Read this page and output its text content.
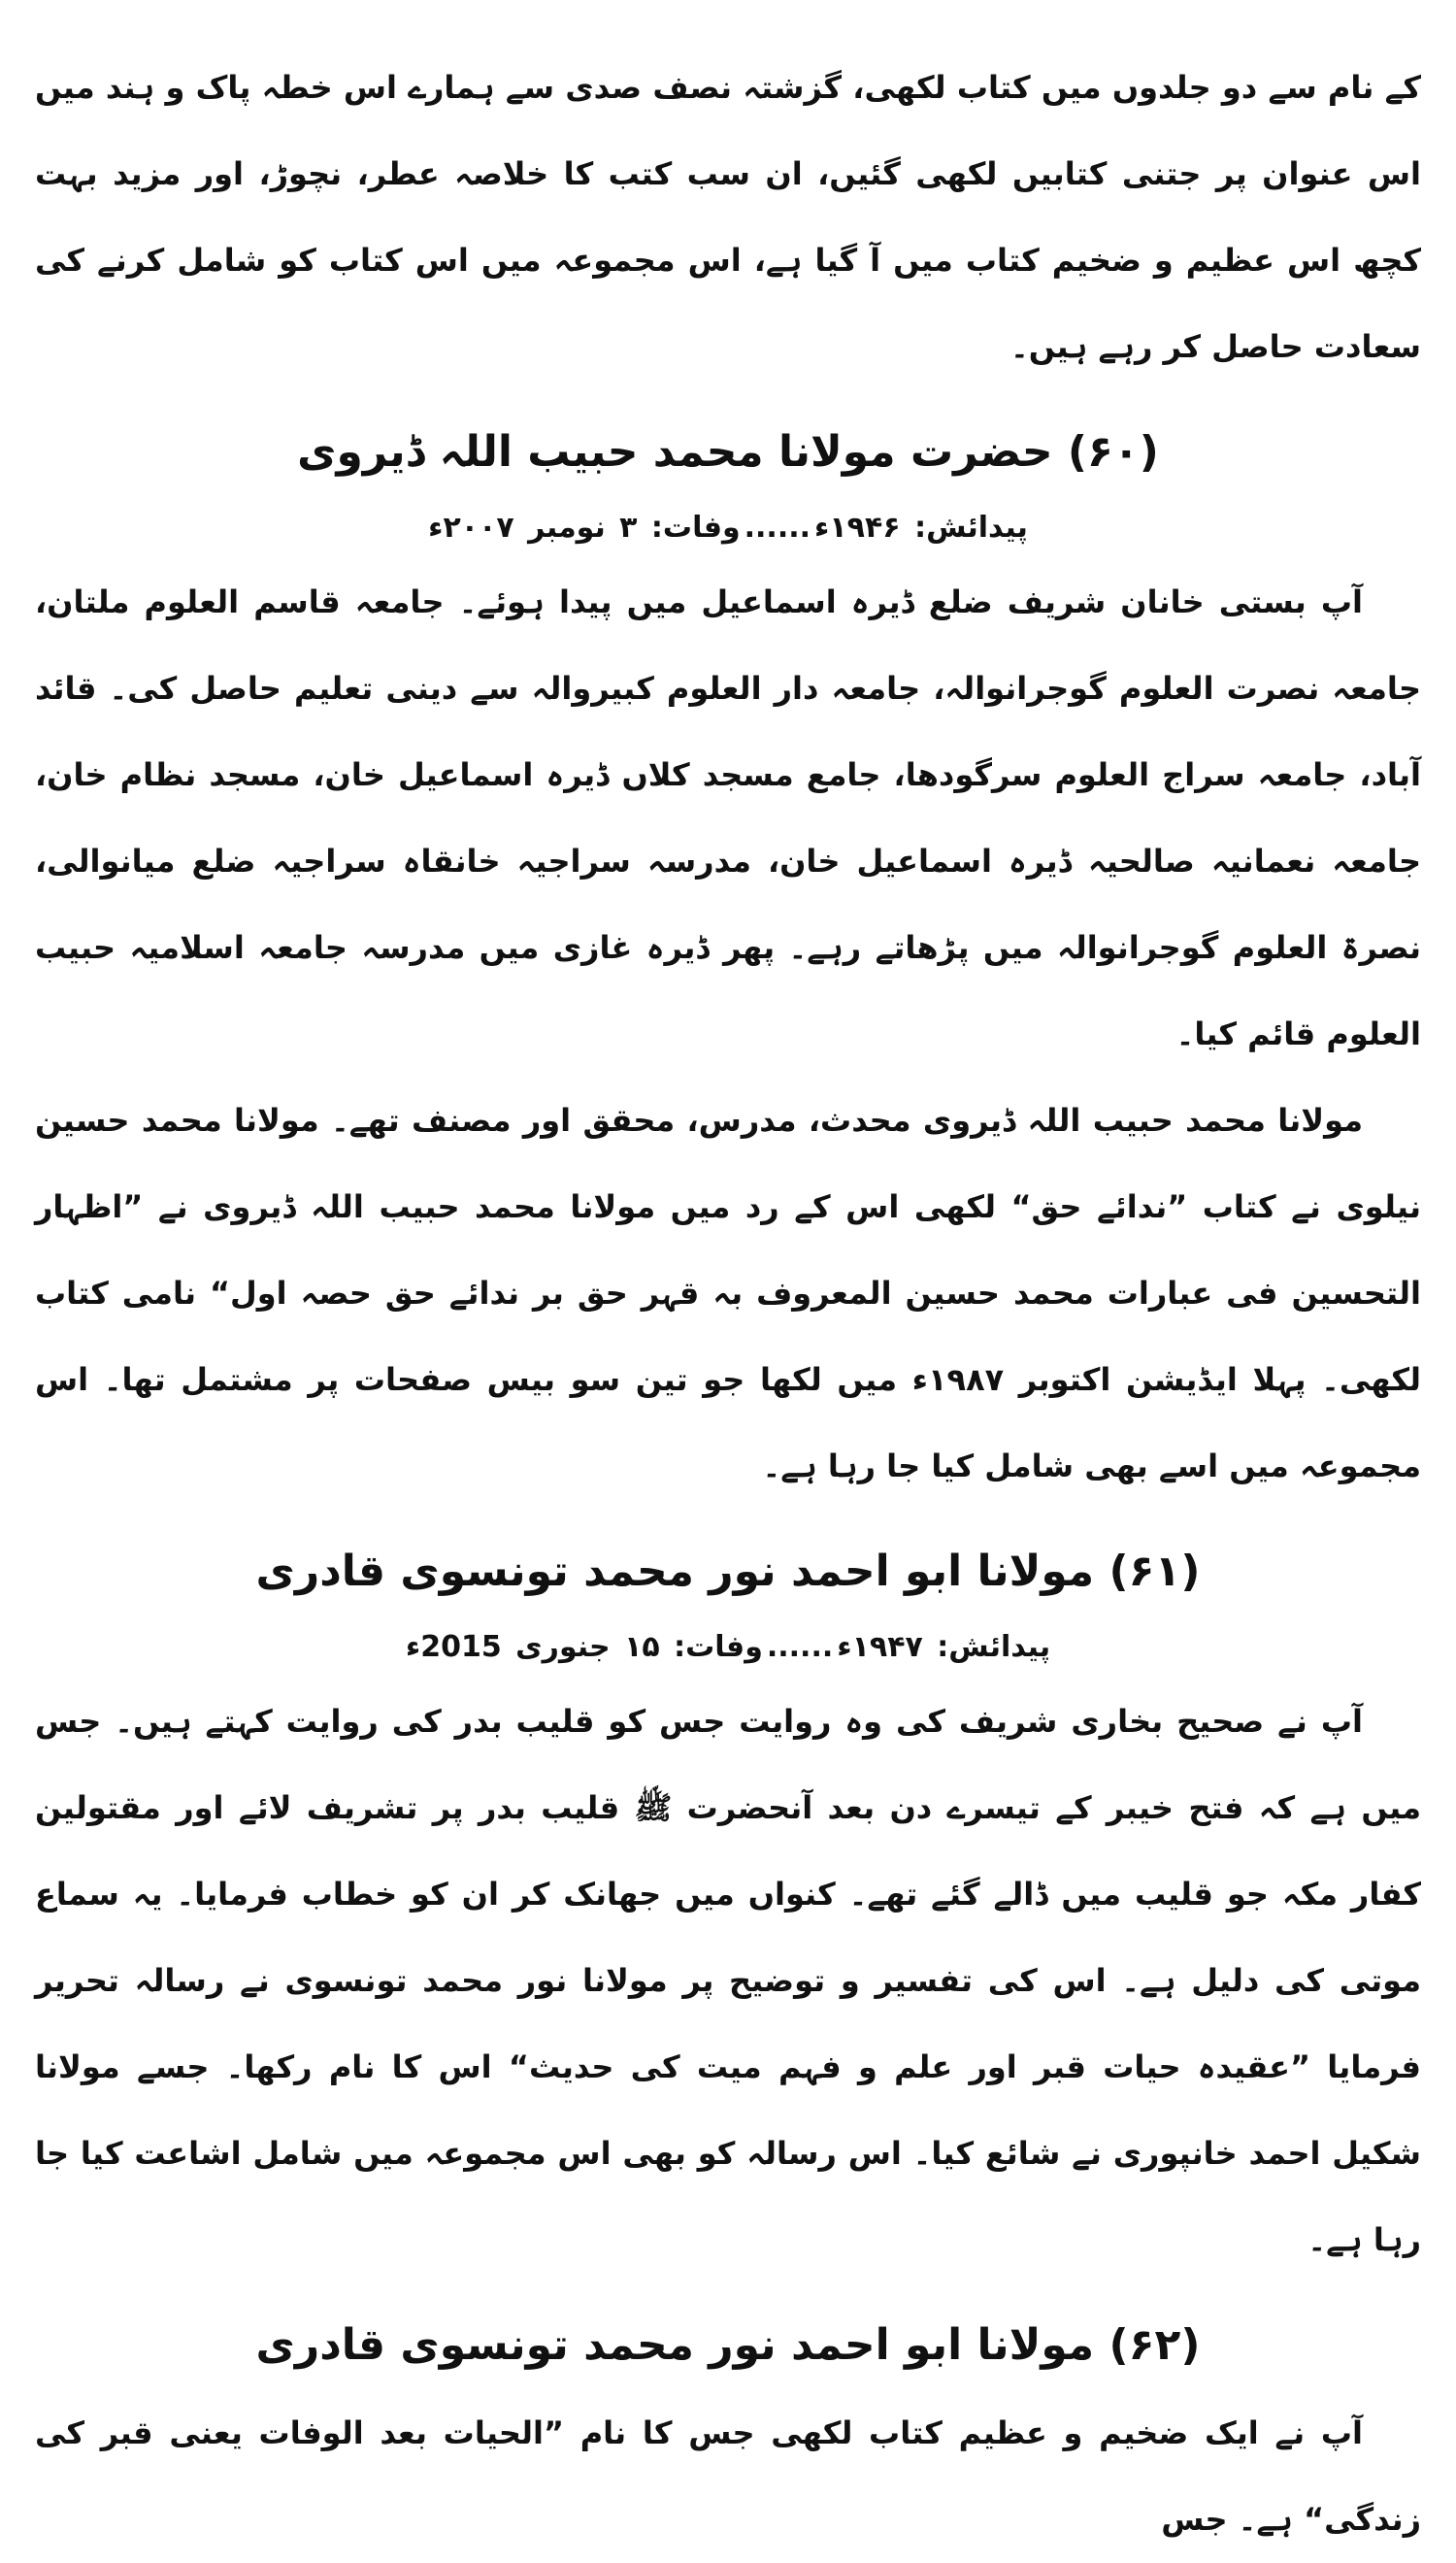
کے نام سے دو جلدوں میں کتاب لکھی، گزشتہ نصف صدی سے ہمارے اس خطہ پاک و ہند میں اس عنوان پر جتنی کتابیں لکھی گئیں، ان سب کتب کا خلاصہ عطر، نچوڑ، اور مزید بہت کچھ اس عظیم و ضخیم کتاب میں آ گیا ہے، اس مجموعہ میں اس کتاب کو شامل کرنے کی سعادت حاصل کر رہے ہیں۔

(۶۰) حضرت مولانا محمد حبیب اللہ ڈیروی

پیدائش: ۱۹۴۶ء......وفات: ۳ نومبر ۲۰۰۷ء

آپ بستی خانان شریف ضلع ڈیرہ اسماعیل میں پیدا ہوئے۔ جامعہ قاسم العلوم ملتان، جامعہ نصرت العلوم گوجرانوالہ، جامعہ دار العلوم کبیروالہ سے دینی تعلیم حاصل کی۔ قائد آباد، جامعہ سراج العلوم سرگودھا، جامع مسجد کلاں ڈیرہ اسماعیل خان، مسجد نظام خان، جامعہ نعمانیہ صالحیہ ڈیرہ اسماعیل خان، مدرسہ سراجیہ خانقاہ سراجیہ ضلع میانوالی، نصرۃ العلوم گوجرانوالہ میں پڑھاتے رہے۔ پھر ڈیرہ غازی میں مدرسہ جامعہ اسلامیہ حبیب العلوم قائم کیا۔

مولانا محمد حبیب اللہ ڈیروی محدث، مدرس، محقق اور مصنف تھے۔ مولانا محمد حسین نیلوی نے کتاب ”ندائے حق“ لکھی اس کے رد میں مولانا محمد حبیب اللہ ڈیروی نے ”اظہار التحسین فی عبارات محمد حسین المعروف بہ قہر حق بر ندائے حق حصہ اول“ نامی کتاب لکھی۔ پہلا ایڈیشن اکتوبر ۱۹۸۷ء میں لکھا جو تین سو بیس صفحات پر مشتمل تھا۔ اس مجموعہ میں اسے بھی شامل کیا جا رہا ہے۔

(۶۱) مولانا ابو احمد نور محمد تونسوی قادری

پیدائش: ۱۹۴۷ء......وفات: ۱۵ جنوری 2015ء

آپ نے صحیح بخاری شریف کی وہ روایت جس کو قلیب بدر کی روایت کہتے ہیں۔ جس میں ہے کہ فتح خیبر کے تیسرے دن بعد آنحضرت ﷺ قلیب بدر پر تشریف لائے اور مقتولین کفار مکہ جو قلیب میں ڈالے گئے تھے۔ کنواں میں جھانک کر ان کو خطاب فرمایا۔ یہ سماع موتی کی دلیل ہے۔ اس کی تفسیر و توضیح پر مولانا نور محمد تونسوی نے رسالہ تحریر فرمایا ”عقیدہ حیات قبر اور علم و فہم میت کی حدیث“ اس کا نام رکھا۔ جسے مولانا شکیل احمد خانپوری نے شائع کیا۔ اس رسالہ کو بھی اس مجموعہ میں شامل اشاعت کیا جا رہا ہے۔

(۶۲) مولانا ابو احمد نور محمد تونسوی قادری

آپ نے ایک ضخیم و عظیم کتاب لکھی جس کا نام ”الحیات بعد الوفات یعنی قبر کی زندگی“ ہے۔ جس
